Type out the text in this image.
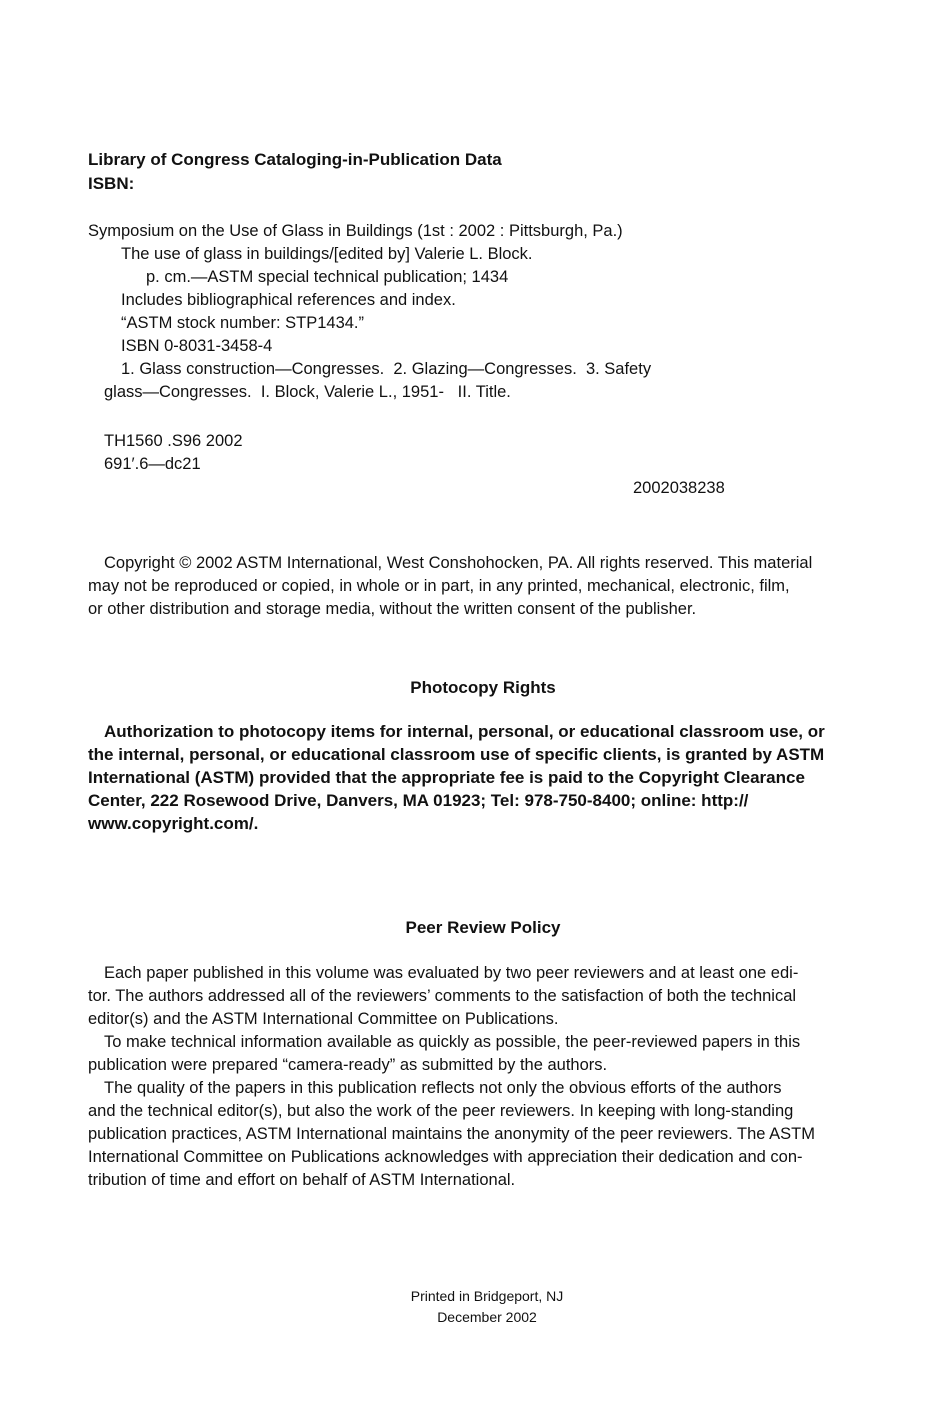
Library of Congress Cataloging-in-Publication Data
ISBN:
Symposium on the Use of Glass in Buildings (1st : 2002 : Pittsburgh, Pa.)
The use of glass in buildings/[edited by] Valerie L. Block.
p. cm.—ASTM special technical publication; 1434
Includes bibliographical references and index.
“ASTM stock number: STP1434.”
ISBN 0-8031-3458-4
1. Glass construction—Congresses.  2. Glazing—Congresses.  3. Safety
glass—Congresses.  I. Block, Valerie L., 1951-   II. Title.
TH1560 .S96 2002
691′.6—dc21
2002038238
Copyright © 2002 ASTM International, West Conshohocken, PA. All rights reserved. This material
may not be reproduced or copied, in whole or in part, in any printed, mechanical, electronic, film,
or other distribution and storage media, without the written consent of the publisher.
Photocopy Rights
Authorization to photocopy items for internal, personal, or educational classroom use, or
the internal, personal, or educational classroom use of specific clients, is granted by ASTM
International (ASTM) provided that the appropriate fee is paid to the Copyright Clearance
Center, 222 Rosewood Drive, Danvers, MA 01923; Tel: 978-750-8400; online: http://
www.copyright.com/.
Peer Review Policy
Each paper published in this volume was evaluated by two peer reviewers and at least one edi-
tor. The authors addressed all of the reviewers’ comments to the satisfaction of both the technical
editor(s) and the ASTM International Committee on Publications.
To make technical information available as quickly as possible, the peer-reviewed papers in this
publication were prepared “camera-ready” as submitted by the authors.
The quality of the papers in this publication reflects not only the obvious efforts of the authors
and the technical editor(s), but also the work of the peer reviewers. In keeping with long-standing
publication practices, ASTM International maintains the anonymity of the peer reviewers. The ASTM
International Committee on Publications acknowledges with appreciation their dedication and con-
tribution of time and effort on behalf of ASTM International.
Printed in Bridgeport, NJ
December 2002
